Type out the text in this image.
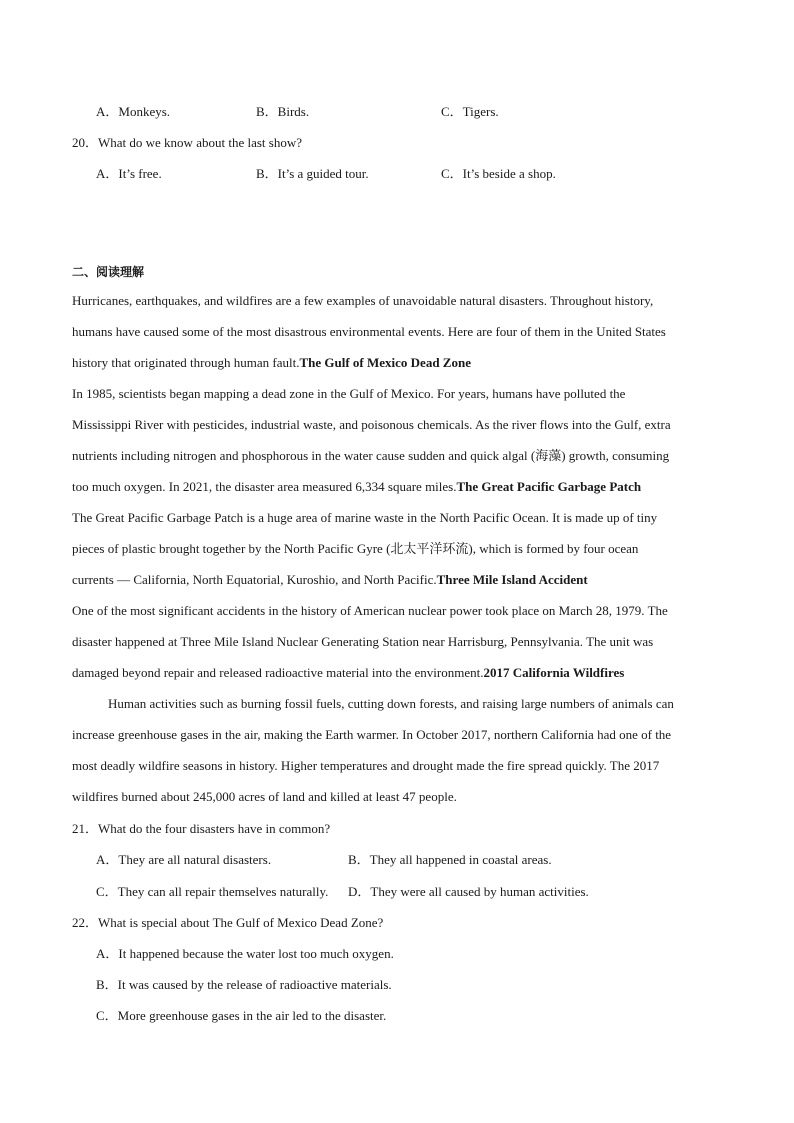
A．Monkeys.	B．Birds.	C．Tigers.
20．What do we know about the last show?
A．It’s free.	B．It’s a guided tour.	C．It’s beside a shop.
二、阅读理解

Hurricanes, earthquakes, and wildfires are a few examples of unavoidable natural disasters. Throughout history,

humans have caused some of the most disastrous environmental events. Here are four of them in the United States

history that originated through human fault.The Gulf of Mexico Dead Zone

In 1985, scientists began mapping a dead zone in the Gulf of Mexico. For years, humans have polluted the

Mississippi River with pesticides, industrial waste, and poisonous chemicals. As the river flows into the Gulf, extra

nutrients including nitrogen and phosphorous in the water cause sudden and quick algal (海藻) growth, consuming

too much oxygen. In 2021, the disaster area measured 6,334 square miles.The Great Pacific Garbage Patch

The Great Pacific Garbage Patch is a huge area of marine waste in the North Pacific Ocean. It is made up of tiny

pieces of plastic brought together by the North Pacific Gyre (北太平洋环流), which is formed by four ocean

currents — California, North Equatorial, Kuroshio, and North Pacific.Three Mile Island Accident

One of the most significant accidents in the history of American nuclear power took place on March 28, 1979. The

disaster happened at Three Mile Island Nuclear Generating Station near Harrisburg, Pennsylvania. The unit was

damaged beyond repair and released radioactive material into the environment.2017 California Wildfires

Human activities such as burning fossil fuels, cutting down forests, and raising large numbers of animals can

increase greenhouse gases in the air, making the Earth warmer. In October 2017, northern California had one of the

most deadly wildfire seasons in history. Higher temperatures and drought made the fire spread quickly. The 2017

wildfires burned about 245,000 acres of land and killed at least 47 people.

21．What do the four disasters have in common?
A．They are all natural disasters.	B．They all happened in coastal areas.
C．They can all repair themselves naturally. D．They were all caused by human activities.
22．What is special about The Gulf of Mexico Dead Zone?
A．It happened because the water lost too much oxygen.
B．It was caused by the release of radioactive materials.
C．More greenhouse gases in the air led to the disaster.
